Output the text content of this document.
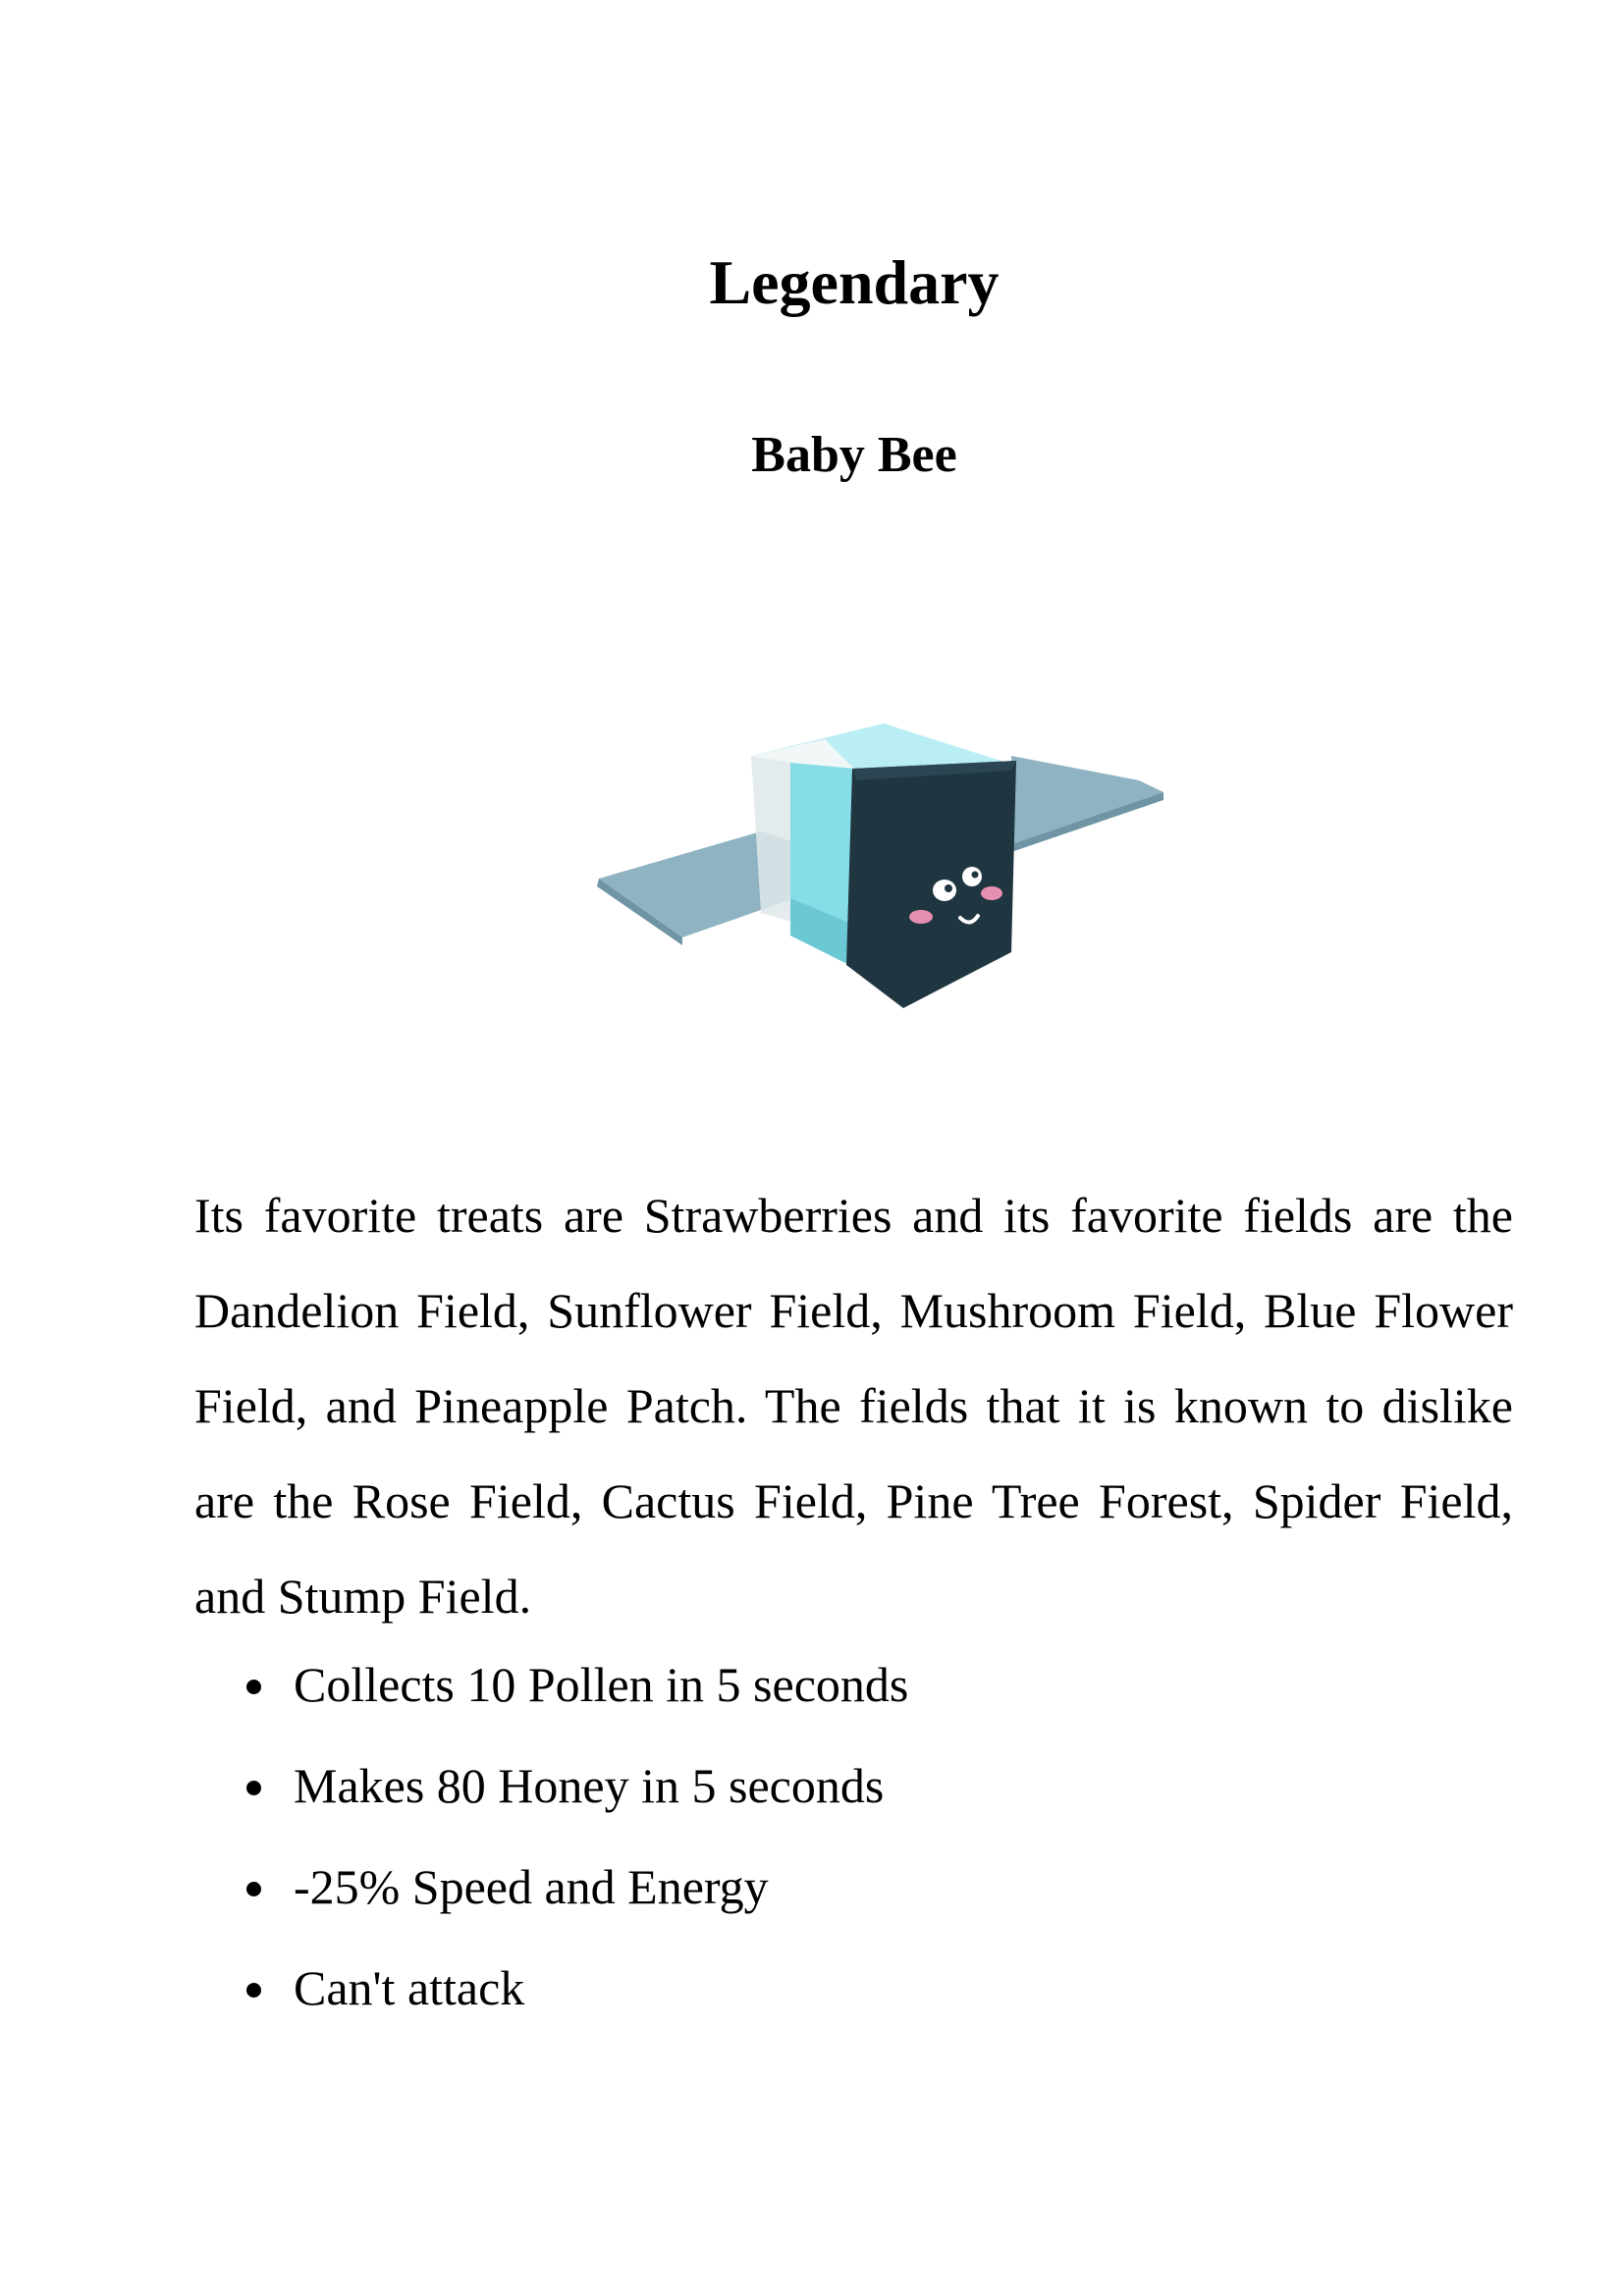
Legendary
Baby Bee

Its favorite treats are Strawberries and its favorite fields are the Dandelion Field, Sunflower Field, Mushroom Field, Blue Flower Field, and Pineapple Patch. The fields that it is known to dislike are the Rose Field, Cactus Field, Pine Tree Forest, Spider Field, and Stump Field.

Collects 10 Pollen in 5 seconds
Makes 80 Honey in 5 seconds
-25% Speed and Energy
Can't attack
